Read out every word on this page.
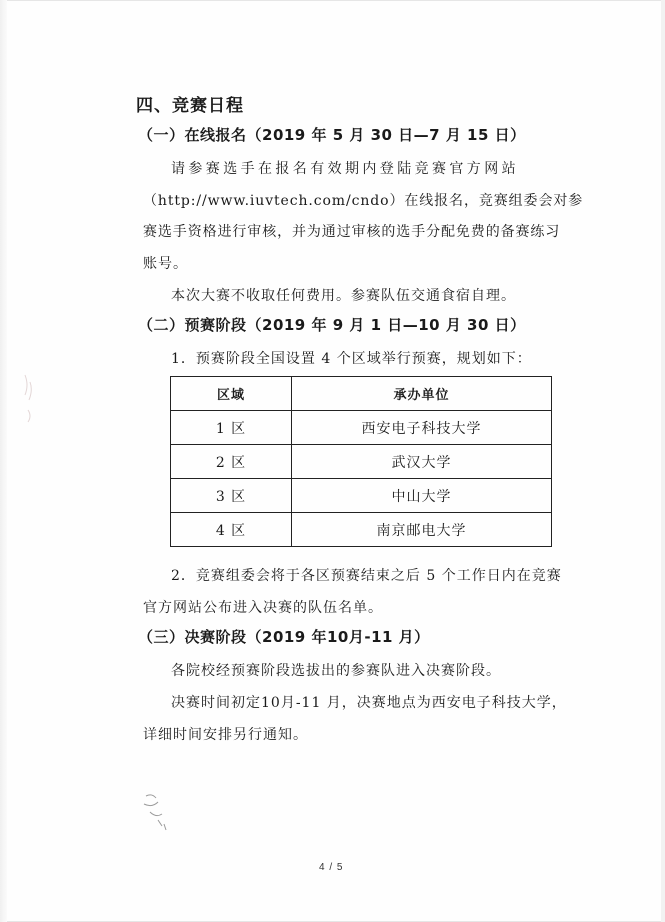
四、竞赛日程
（一）在线报名（2019 年 5 月 30 日—7 月 15 日）
请参赛选手在报名有效期内登陆竞赛官方网站
（http://www.iuvtech.com/cndo）在线报名，竞赛组委会对参
赛选手资格进行审核，并为通过审核的选手分配免费的备赛练习
账号。
本次大赛不收取任何费用。参赛队伍交通食宿自理。
（二）预赛阶段（2019 年 9 月 1 日—10 月 30 日）
1．预赛阶段全国设置 4 个区域举行预赛，规划如下：
区域	承办单位
1 区	西安电子科技大学
2 区	武汉大学
3 区	中山大学
4 区	南京邮电大学
2．竞赛组委会将于各区预赛结束之后 5 个工作日内在竞赛
官方网站公布进入决赛的队伍名单。
（三）决赛阶段（2019 年10月-11 月）
各院校经预赛阶段选拔出的参赛队进入决赛阶段。
决赛时间初定10月-11 月，决赛地点为西安电子科技大学，
详细时间安排另行通知。
4 / 5
